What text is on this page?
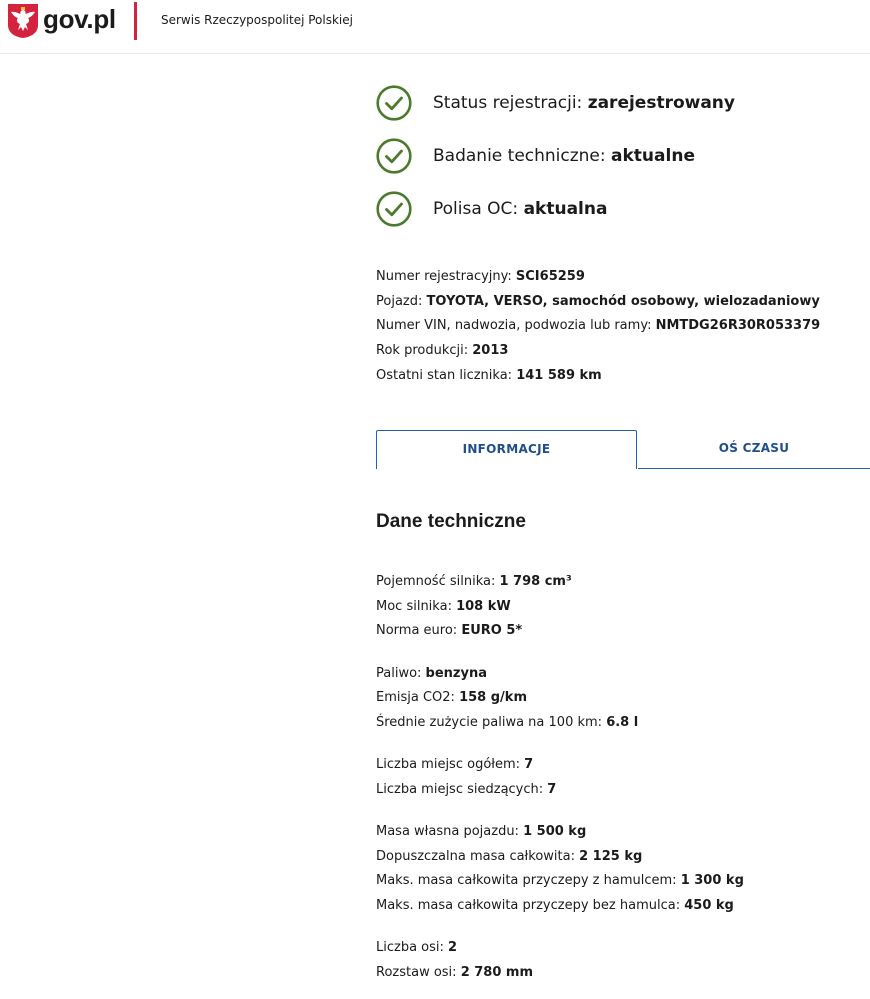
gov.pl	Serwis Rzeczypospolitej Polskiej
Status rejestracji: zarejestrowany
Badanie techniczne: aktualne
Polisa OC: aktualna
Numer rejestracyjny: SCI65259
Pojazd: TOYOTA, VERSO, samochód osobowy, wielozadaniowy
Numer VIN, nadwozia, podwozia lub ramy: NMTDG26R30R053379
Rok produkcji: 2013
Ostatni stan licznika: 141 589 km
INFORMACJE	OŚ CZASU
Dane techniczne
Pojemność silnika: 1 798 cm³
Moc silnika: 108 kW
Norma euro: EURO 5*
Paliwo: benzyna
Emisja CO2: 158 g/km
Średnie zużycie paliwa na 100 km: 6.8 l
Liczba miejsc ogółem: 7
Liczba miejsc siedzących: 7
Masa własna pojazdu: 1 500 kg
Dopuszczalna masa całkowita: 2 125 kg
Maks. masa całkowita przyczepy z hamulcem: 1 300 kg
Maks. masa całkowita przyczepy bez hamulca: 450 kg
Liczba osi: 2
Rozstaw osi: 2 780 mm
